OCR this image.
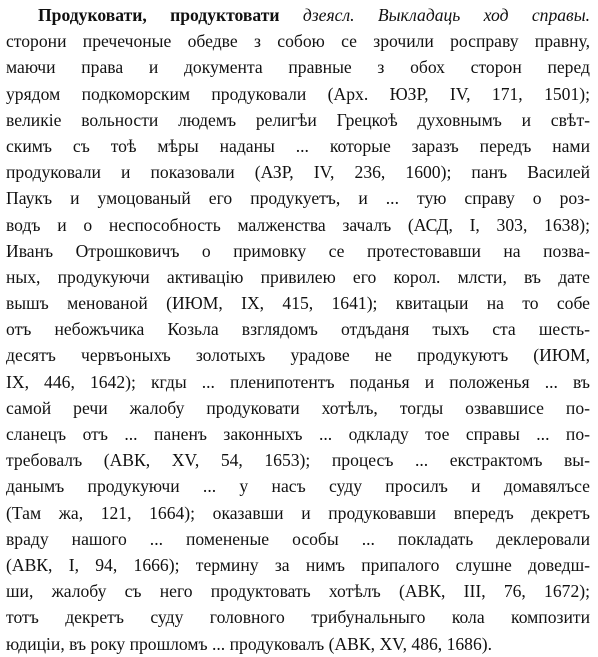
Продуковати, продуктовати дзеясл. Выкладаць ход справы.
сторони пречечоные обедве з собою се зрочили росправу правну,
маючи права и документа правные з обох сторон перед
урядом подкоморским продуковали (Арх. ЮЗР, IV, 171, 1501);
великіе вольности людемъ религѣи Грецкоѣ духовнымъ и свѣт-
скимъ съ тоѣ мѣры наданы ... которые заразъ передъ нами
продуковали и показовали (АЗР, IV, 236, 1600); панъ Василей
Паукъ и умоцованый его продукуетъ, и ... тую справу о роз-
водъ и о неспособность малженства зачалъ (АСД, I, 303, 1638);
Иванъ Отрошковичъ о примовку се протестовавши на позва-
ных, продукуючи активацію привилею его корол. млсти, въ дате
вышъ менованой (ИЮМ, IX, 415, 1641); квитацыи на то собе
отъ небожъчика Козьла взглядомъ отдъданя тыхъ ста шесть-
десятъ червъоныхъ золотыхъ урадове не продукуютъ (ИЮМ,
IX, 446, 1642); кгды ... пленипотентъ поданья и положенья ... въ
самой речи жалобу продуковати хотѣлъ, тогды озвавшисе по-
сланецъ отъ ... паненъ законныхъ ... одкладу тое справы ... по-
требовалъ (АВК, XV, 54, 1653); процесъ ... екстрактомъ вы-
данымъ продукуючи ... у насъ суду просилъ и домавялъсе
(Там жа, 121, 1664); оказавши и продуковавши впередъ декретъ
враду нашого ... помененые особы ... покладать деклеровали
(АВК, I, 94, 1666); термину за нимъ припалого слушне доведш-
ши, жалобу съ него продуктовать хотѣлъ (АВК, III, 76, 1672);
тотъ декретъ суду головного трибунальныго кола композити
юдиціи, въ року прошломъ ... продуковалъ (АВК, XV, 486, 1686).
